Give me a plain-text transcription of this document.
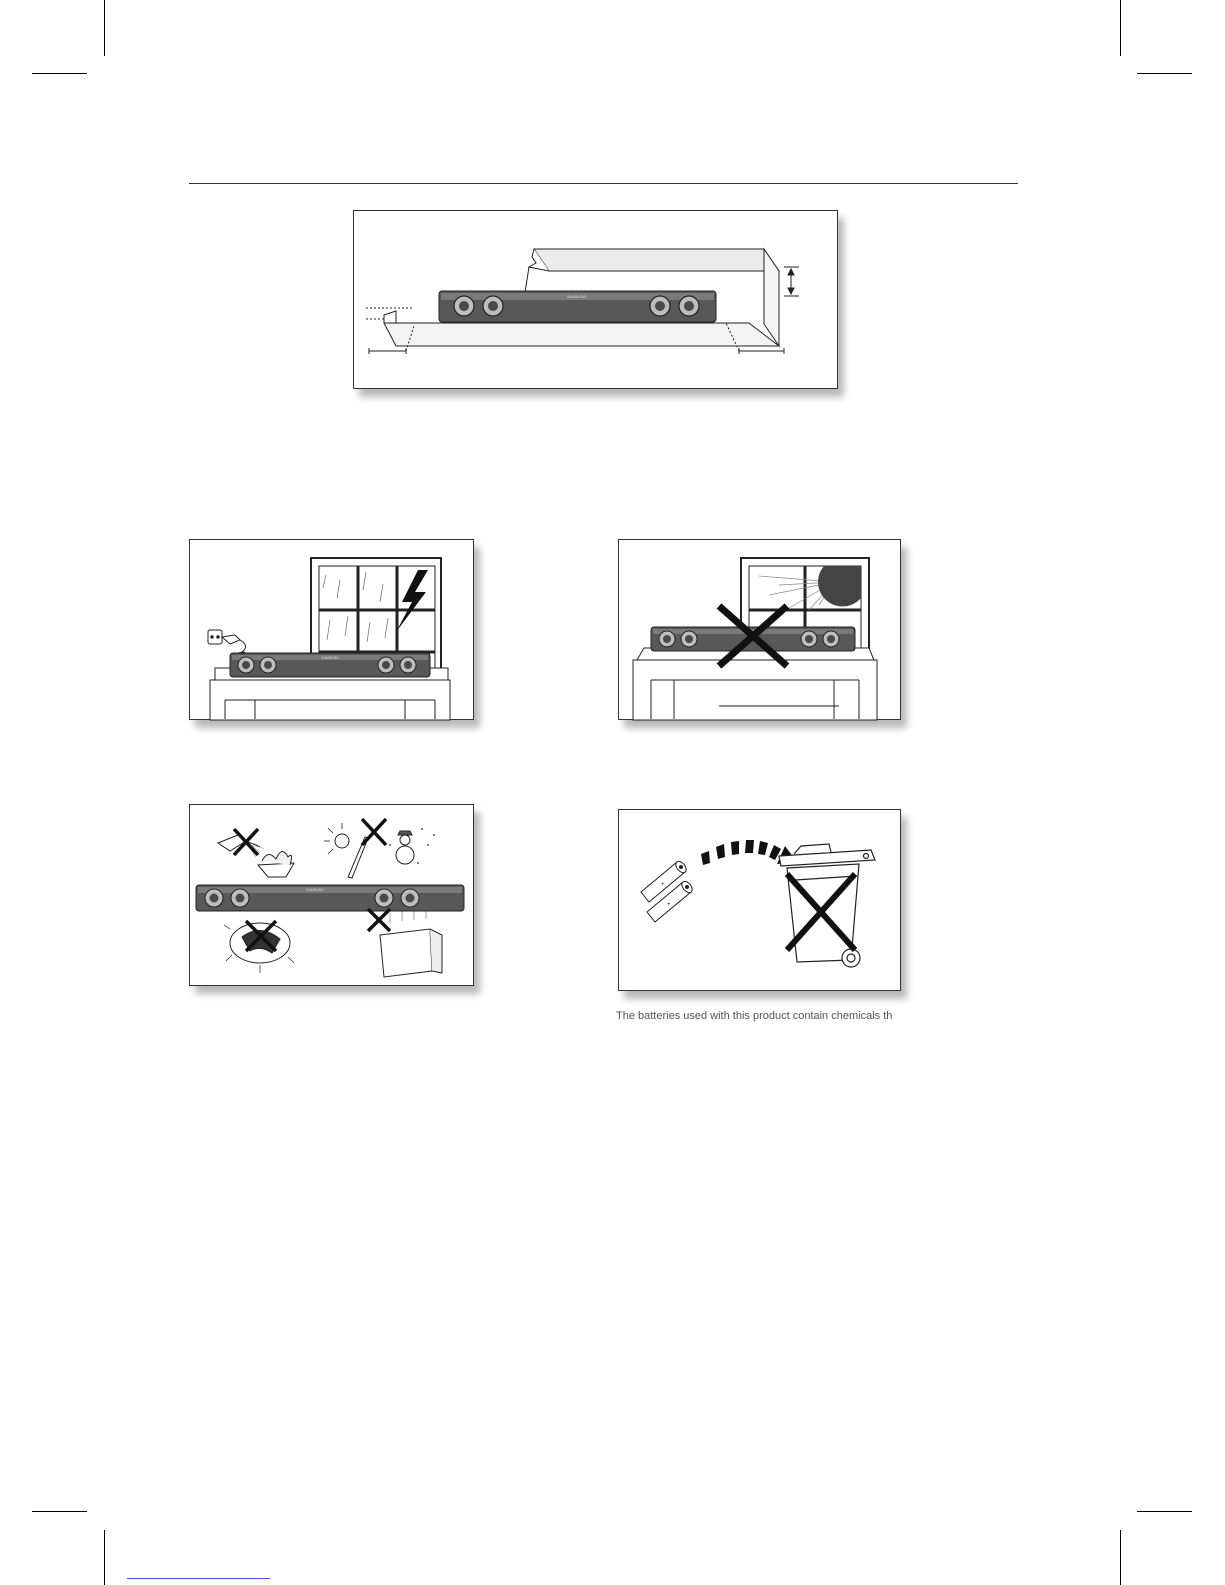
SAMSUNG
SAMSUNG
SAMSUNG
+
+
The batteries used with this product contain chemicals th
